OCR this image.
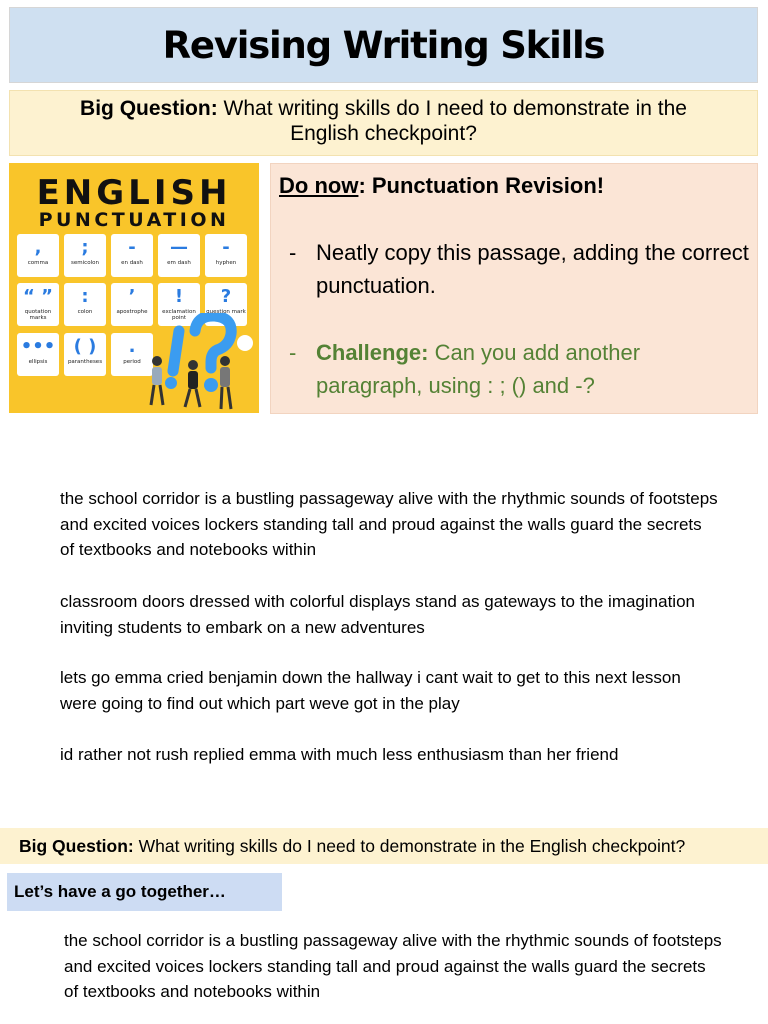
Revising Writing Skills
Big Question: What writing skills do I need to demonstrate in the
English checkpoint?
ENGLISH
PUNCTUATION
,
comma
;
semicolon
-
en dash
—
em dash
-
hyphen
“ ”
quotation marks
:
colon
’
apostrophe
!
exclamation point
?
question mark
•••
ellipsis
( )
parantheses
.
period
Do now: Punctuation Revision!
- Neatly copy this passage, adding the correct punctuation.
- Challenge: Can you add another paragraph, using : ; () and -?
the school corridor is a bustling passageway alive with the rhythmic sounds of footsteps and excited voices lockers standing tall and proud against the walls guard the secrets of textbooks and notebooks within
classroom doors dressed with colorful displays stand as gateways to the imagination inviting students to embark on a new adventures
lets go emma cried benjamin down the hallway i cant wait to get to this next lesson were going to find out which part weve got in the play
id rather not rush replied emma with much less enthusiasm than her friend
Big Question: What writing skills do I need to demonstrate in the English checkpoint?
Let’s have a go together…
the school corridor is a bustling passageway alive with the rhythmic sounds of footsteps and excited voices lockers standing tall and proud against the walls guard the secrets of textbooks and notebooks within
